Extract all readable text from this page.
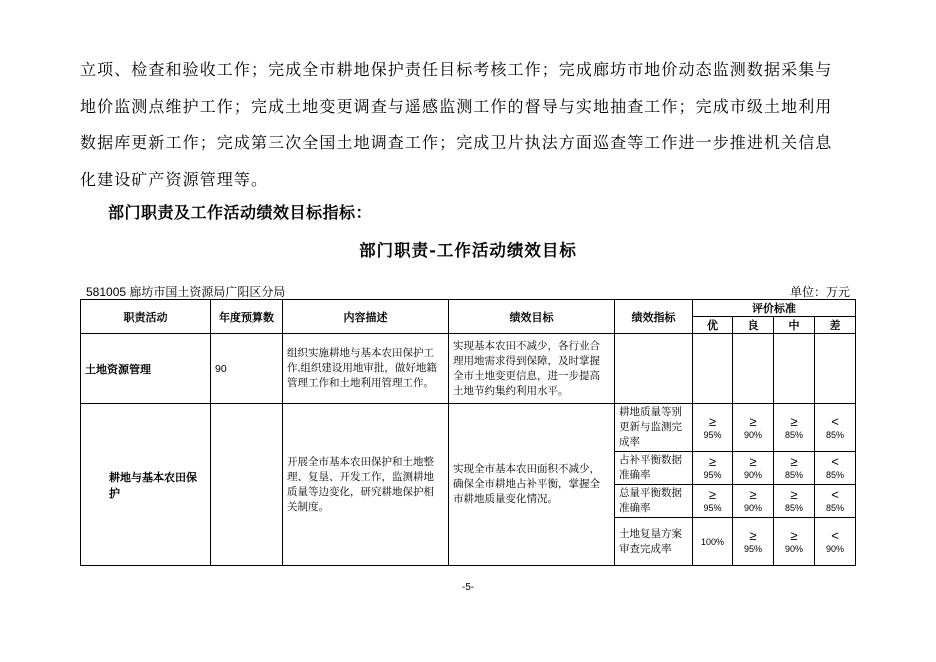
立项、检查和验收工作；完成全市耕地保护责任目标考核工作；完成廊坊市地价动态监测数据采集与

地价监测点维护工作；完成土地变更调查与遥感监测工作的督导与实地抽查工作；完成市级土地利用

数据库更新工作；完成第三次全国土地调查工作；完成卫片执法方面巡查等工作进一步推进机关信息

化建设矿产资源管理等。

部门职责及工作活动绩效目标指标：
部门职责-工作活动绩效目标
581005 廊坊市国土资源局广阳区分局	单位：万元
职责活动	年度预算数	内容描述	绩效目标	绩效指标	评价标准			
					优	良	中	差
土地资源管理	90	组织实施耕地与基本农田保护工作,组织建设用地审批，做好地籍管理工作和土地利用管理工作。	实现基本农田不减少，各行业合理用地需求得到保障，及时掌握全市土地变更信息，进一步提高土地节约集约利用水平。					
耕地与基本农田保护		开展全市基本农田保护和土地整理、复垦、开发工作，监测耕地质量等边变化，研究耕地保护相关制度。	实现全市基本农田面积不减少，确保全市耕地占补平衡，掌握全市耕地质量变化情况。	耕地质量等别更新与监测完成率	≥
95%	≥
90%	≥
85%	<
85%
				占补平衡数据准确率	≥
95%	≥
90%	≥
85%	<
85%
				总量平衡数据准确率	≥
95%	≥
90%	≥
85%	<
85%
				土地复垦方案审查完成率	100%	≥
95%	≥
90%	<
90%
-5-
